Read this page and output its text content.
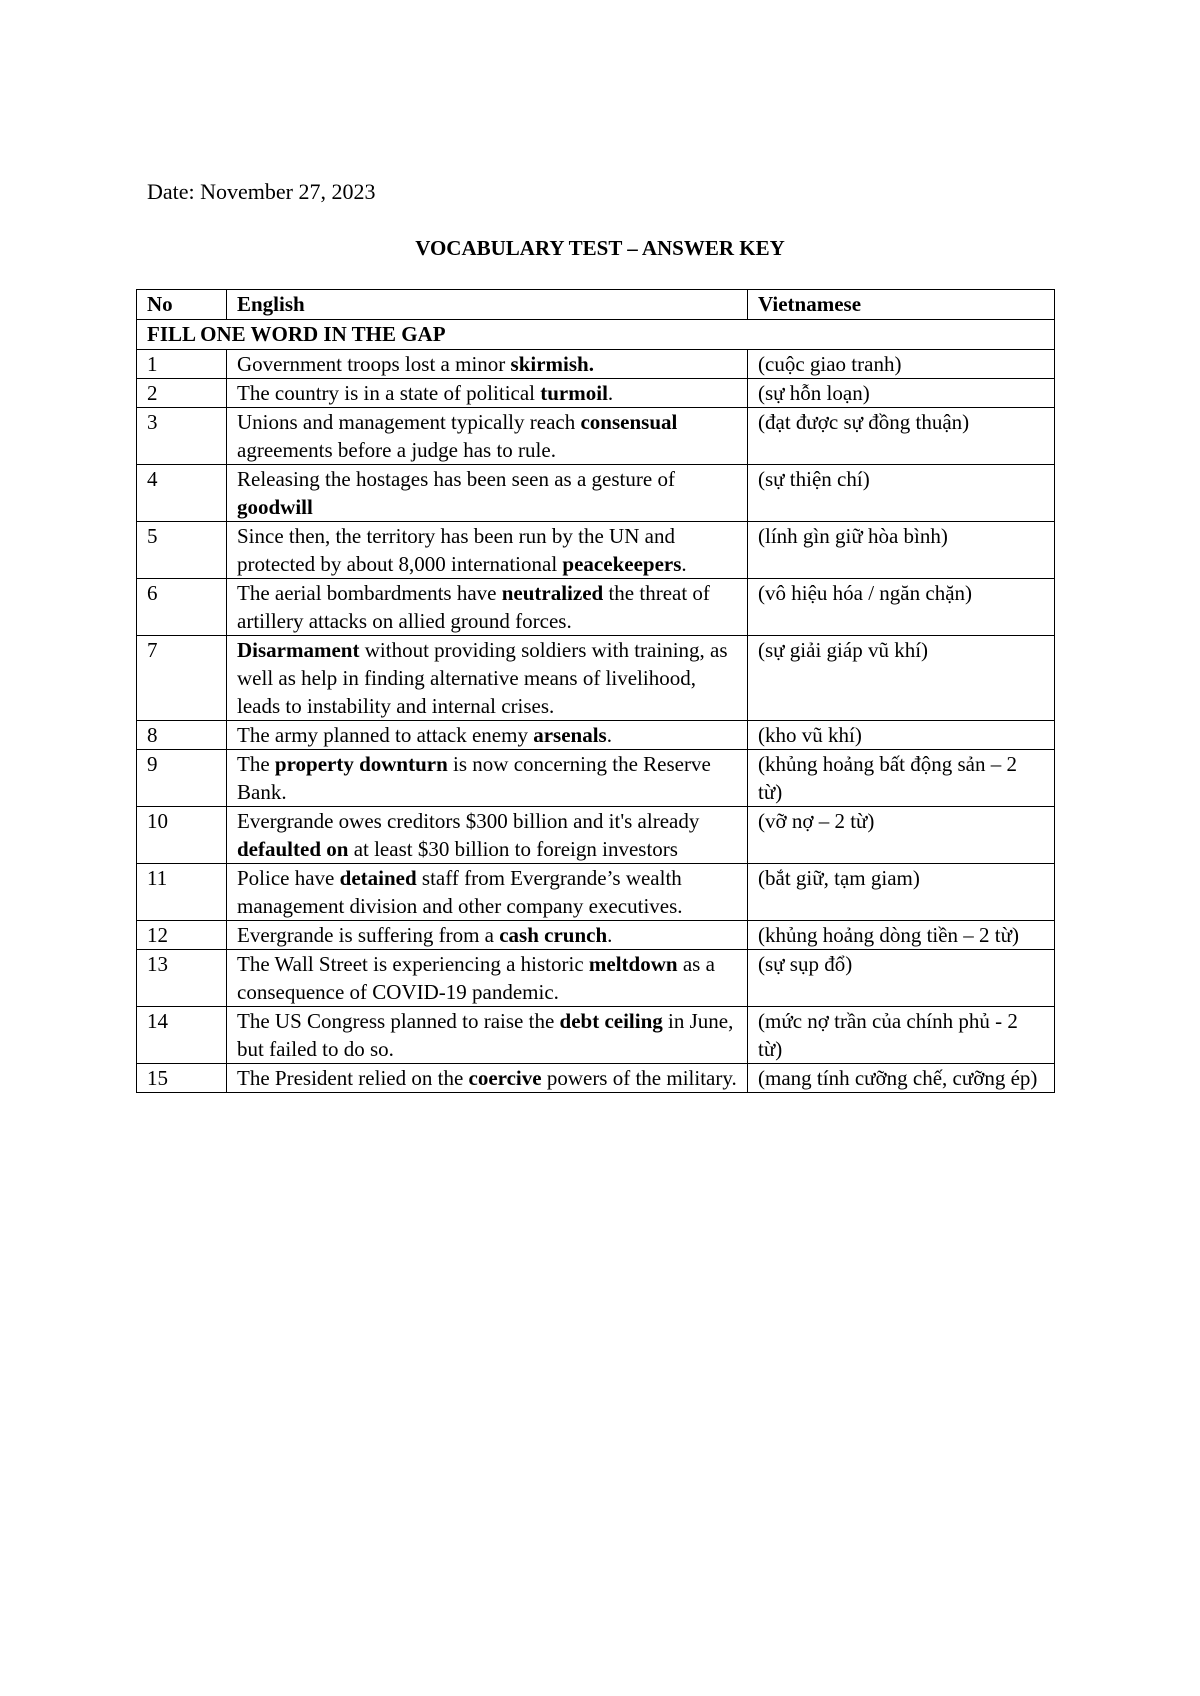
Date: November 27, 2023
VOCABULARY TEST – ANSWER KEY
No	English	Vietnamese
FILL ONE WORD IN THE GAP		
1	Government troops lost a minor skirmish.	(cuộc giao tranh)
2	The country is in a state of political turmoil.	(sự hỗn loạn)
3	Unions and management typically reach consensual agreements before a judge has to rule.	(đạt được sự đồng thuận)
4	Releasing the hostages has been seen as a gesture of goodwill	(sự thiện chí)
5	Since then, the territory has been run by the UN and protected by about 8,000 international peacekeepers.	(lính gìn giữ hòa bình)
6	The aerial bombardments have neutralized the threat of artillery attacks on allied ground forces.	(vô hiệu hóa / ngăn chặn)
7	Disarmament without providing soldiers with training, as well as help in finding alternative means of livelihood, leads to instability and internal crises.	(sự giải giáp vũ khí)
8	The army planned to attack enemy arsenals.	(kho vũ khí)
9	The property downturn is now concerning the Reserve Bank.	(khủng hoảng bất động sản – 2 từ)
10	Evergrande owes creditors $300 billion and it's already defaulted on at least $30 billion to foreign investors	(vỡ nợ – 2 từ)
11	Police have detained staff from Evergrande’s wealth management division and other company executives.	(bắt giữ, tạm giam)
12	Evergrande is suffering from a cash crunch.	(khủng hoảng dòng tiền – 2 từ)
13	The Wall Street is experiencing a historic meltdown as a consequence of COVID-19 pandemic.	(sự sụp đổ)
14	The US Congress planned to raise the debt ceiling in June, but failed to do so.	(mức nợ trần của chính phủ - 2 từ)
15	The President relied on the coercive powers of the military.	(mang tính cưỡng chế, cưỡng ép)
